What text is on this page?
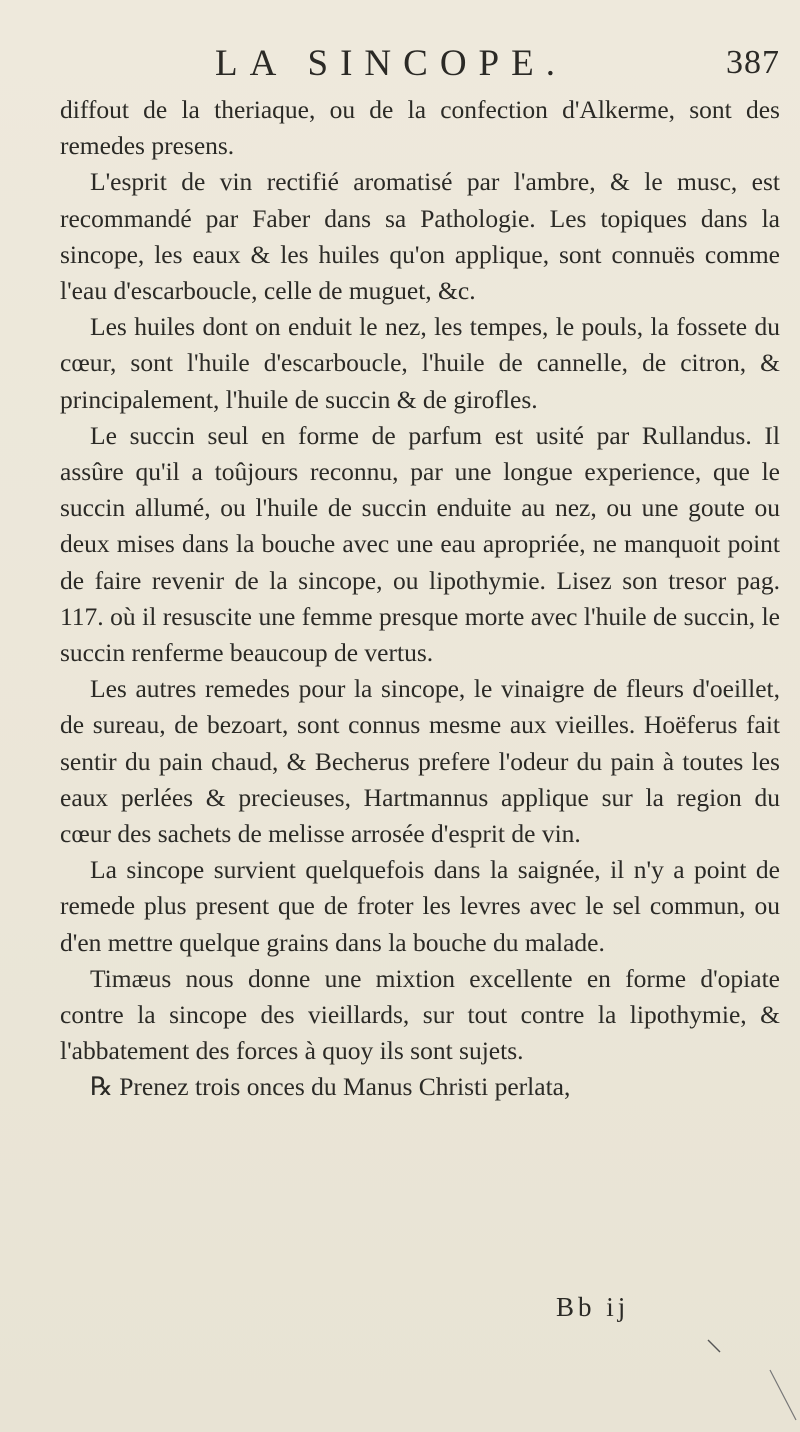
LA SINCOPE.	387

diffout de la theriaque, ou de la confection d'Alkerme, sont des remedes presens.

L'esprit de vin rectifié aromatisé par l'ambre, & le musc, est recommandé par Faber dans sa Pathologie. Les topiques dans la sincope, les eaux & les huiles qu'on applique, sont connuës comme l'eau d'escarboucle, celle de muguet, &c.

Les huiles dont on enduit le nez, les tempes, le pouls, la fossete du cœur, sont l'huile d'escarboucle, l'huile de cannelle, de citron, & principalement, l'huile de succin & de girofles.

Le succin seul en forme de parfum est usité par Rullandus. Il assûre qu'il a toûjours reconnu, par une longue experience, que le succin allumé, ou l'huile de succin enduite au nez, ou une goute ou deux mises dans la bouche avec une eau apropriée, ne manquoit point de faire revenir de la sincope, ou lipothymie. Lisez son tresor pag. 117. où il resuscite une femme presque morte avec l'huile de succin, le succin renferme beaucoup de vertus.

Les autres remedes pour la sincope, le vinaigre de fleurs d'oeillet, de sureau, de bezoart, sont connus mesme aux vieilles. Hoëferus fait sentir du pain chaud, & Becherus prefere l'odeur du pain à toutes les eaux perlées & precieuses, Hartmannus applique sur la region du cœur des sachets de melisse arrosée d'esprit de vin.

La sincope survient quelquefois dans la saignée, il n'y a point de remede plus present que de froter les levres avec le sel commun, ou d'en mettre quelque grains dans la bouche du malade.

Timæus nous donne une mixtion excellente en forme d'opiate contre la sincope des vieillards, sur tout contre la lipothymie, & l'abbatement des forces à quoy ils sont sujets.

℞ Prenez trois onces du Manus Christi perlata,

Bb ij
